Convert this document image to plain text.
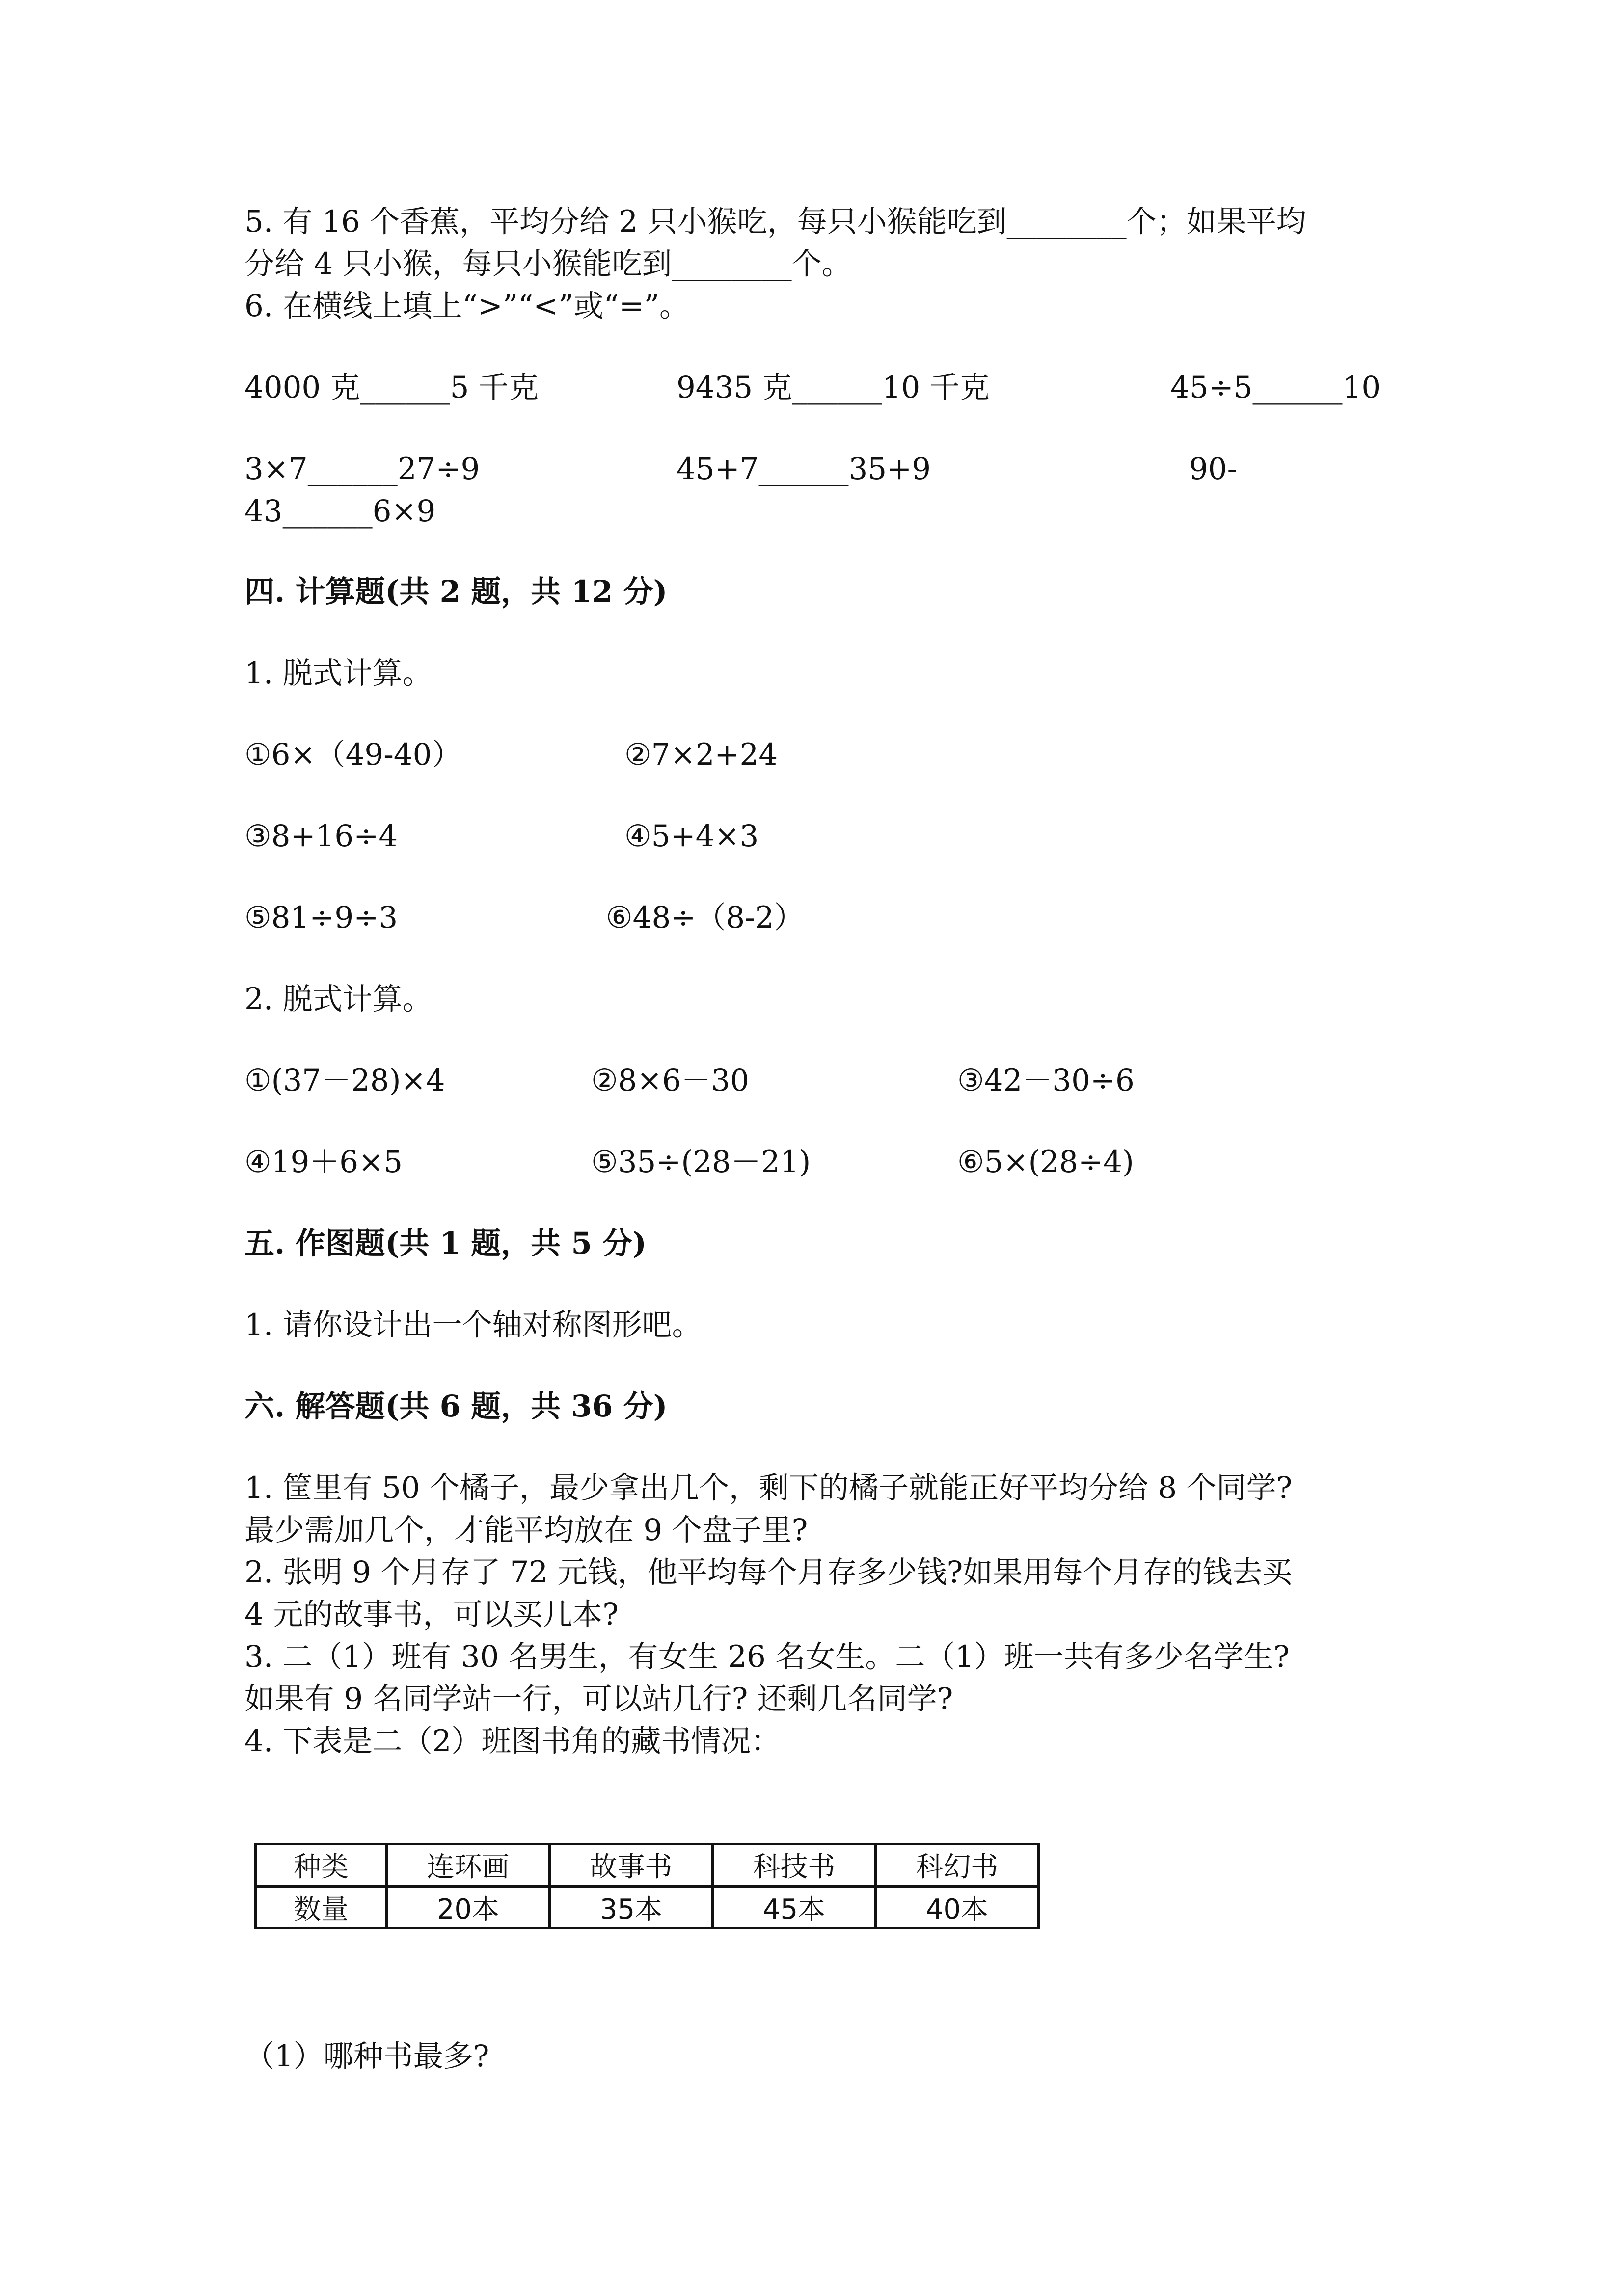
5. 有 16 个香蕉，平均分给 2 只小猴吃，每只小猴能吃到________个；如果平均
分给 4 只小猴，每只小猴能吃到________个。
6. 在横线上填上“>”“<”或“=”。
4000 克______5 千克	9435 克______10 千克	45÷5______10
3×7______27÷9	45+7______35+9	90-
43______6×9
四. 计算题(共 2 题，共 12 分)
1. 脱式计算。
①6×（49-40）	②7×2+24
③8+16÷4	④5+4×3
⑤81÷9÷3	⑥48÷（8-2）
2. 脱式计算。
①(37－28)×4	②8×6－30	③42－30÷6
④19＋6×5	⑤35÷(28－21)	⑥5×(28÷4)
五. 作图题(共 1 题，共 5 分)
1. 请你设计出一个轴对称图形吧。
六. 解答题(共 6 题，共 36 分)
1. 筐里有 50 个橘子，最少拿出几个，剩下的橘子就能正好平均分给 8 个同学?
最少需加几个，才能平均放在 9 个盘子里?
2. 张明 9 个月存了 72 元钱，他平均每个月存多少钱?如果用每个月存的钱去买
4 元的故事书，可以买几本?
3. 二（1）班有 30 名男生，有女生 26 名女生。二（1）班一共有多少名学生?
如果有 9 名同学站一行，可以站几行? 还剩几名同学?
4. 下表是二（2）班图书角的藏书情况：
种类	连环画	故事书	科技书	科幻书
数量	20本	35本	45本	40本
（1）哪种书最多?
